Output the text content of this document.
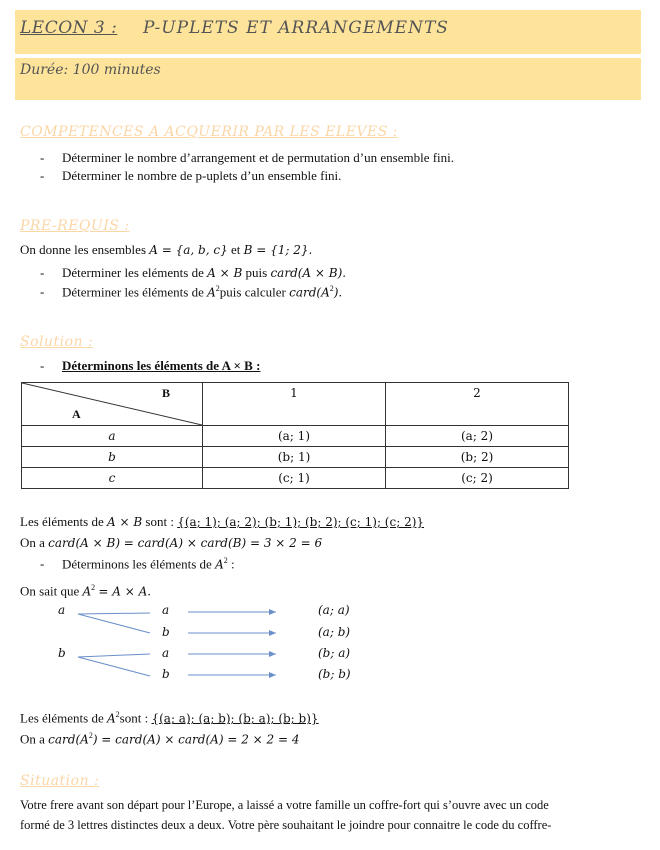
LECON 3 : P-UPLETS ET ARRANGEMENTS
Durée: 100 minutes
COMPETENCES A ACQUERIR PAR LES ELEVES :
- Déterminer le nombre d’arrangement et de permutation d’un ensemble fini.
- Déterminer le nombre de p-uplets d’un ensemble fini.
PRE-REQUIS :
On donne les ensembles A = {a, b, c} et B = {1; 2}.
- Déterminer les eléments de A × B puis card(A × B).
- Déterminer les éléments de $A^2puis$ calculer $card(A^2)$.
Solution :
- Déterminons les éléments de A × B :
B
A	1	2
a	(a; 1)	(a; 2)
b	(b; 1)	(b; 2)
c	(c; 1)	(c; 2)
Les éléments de A × B sont : {(a; 1); (a; 2); (b; 1); (b; 2); (c; 1); (c; 2)}
On a card(A × B) = card(A) × card(B) = 3 × 2 = 6
- Déterminons les éléments de $A^2$ :
On sait que $A^2 = A \times A$.
a
b
a
b
a
b
(a; a)
(a; b)
(b; a)
(b; b)
Les éléments de $A^2sont$ : {(a; a); (a; b); (b; a); (b; b)}
On a $card(A^2)$ = card(A) × card(A) = 2 × 2 = 4
Situation :
Votre frere avant son départ pour l’Europe, a laissé a votre famille un coffre-fort qui s’ouvre avec un code
formé de 3 lettres distinctes deux a deux. Votre père souhaitant le joindre pour connaitre le code du coffre-
